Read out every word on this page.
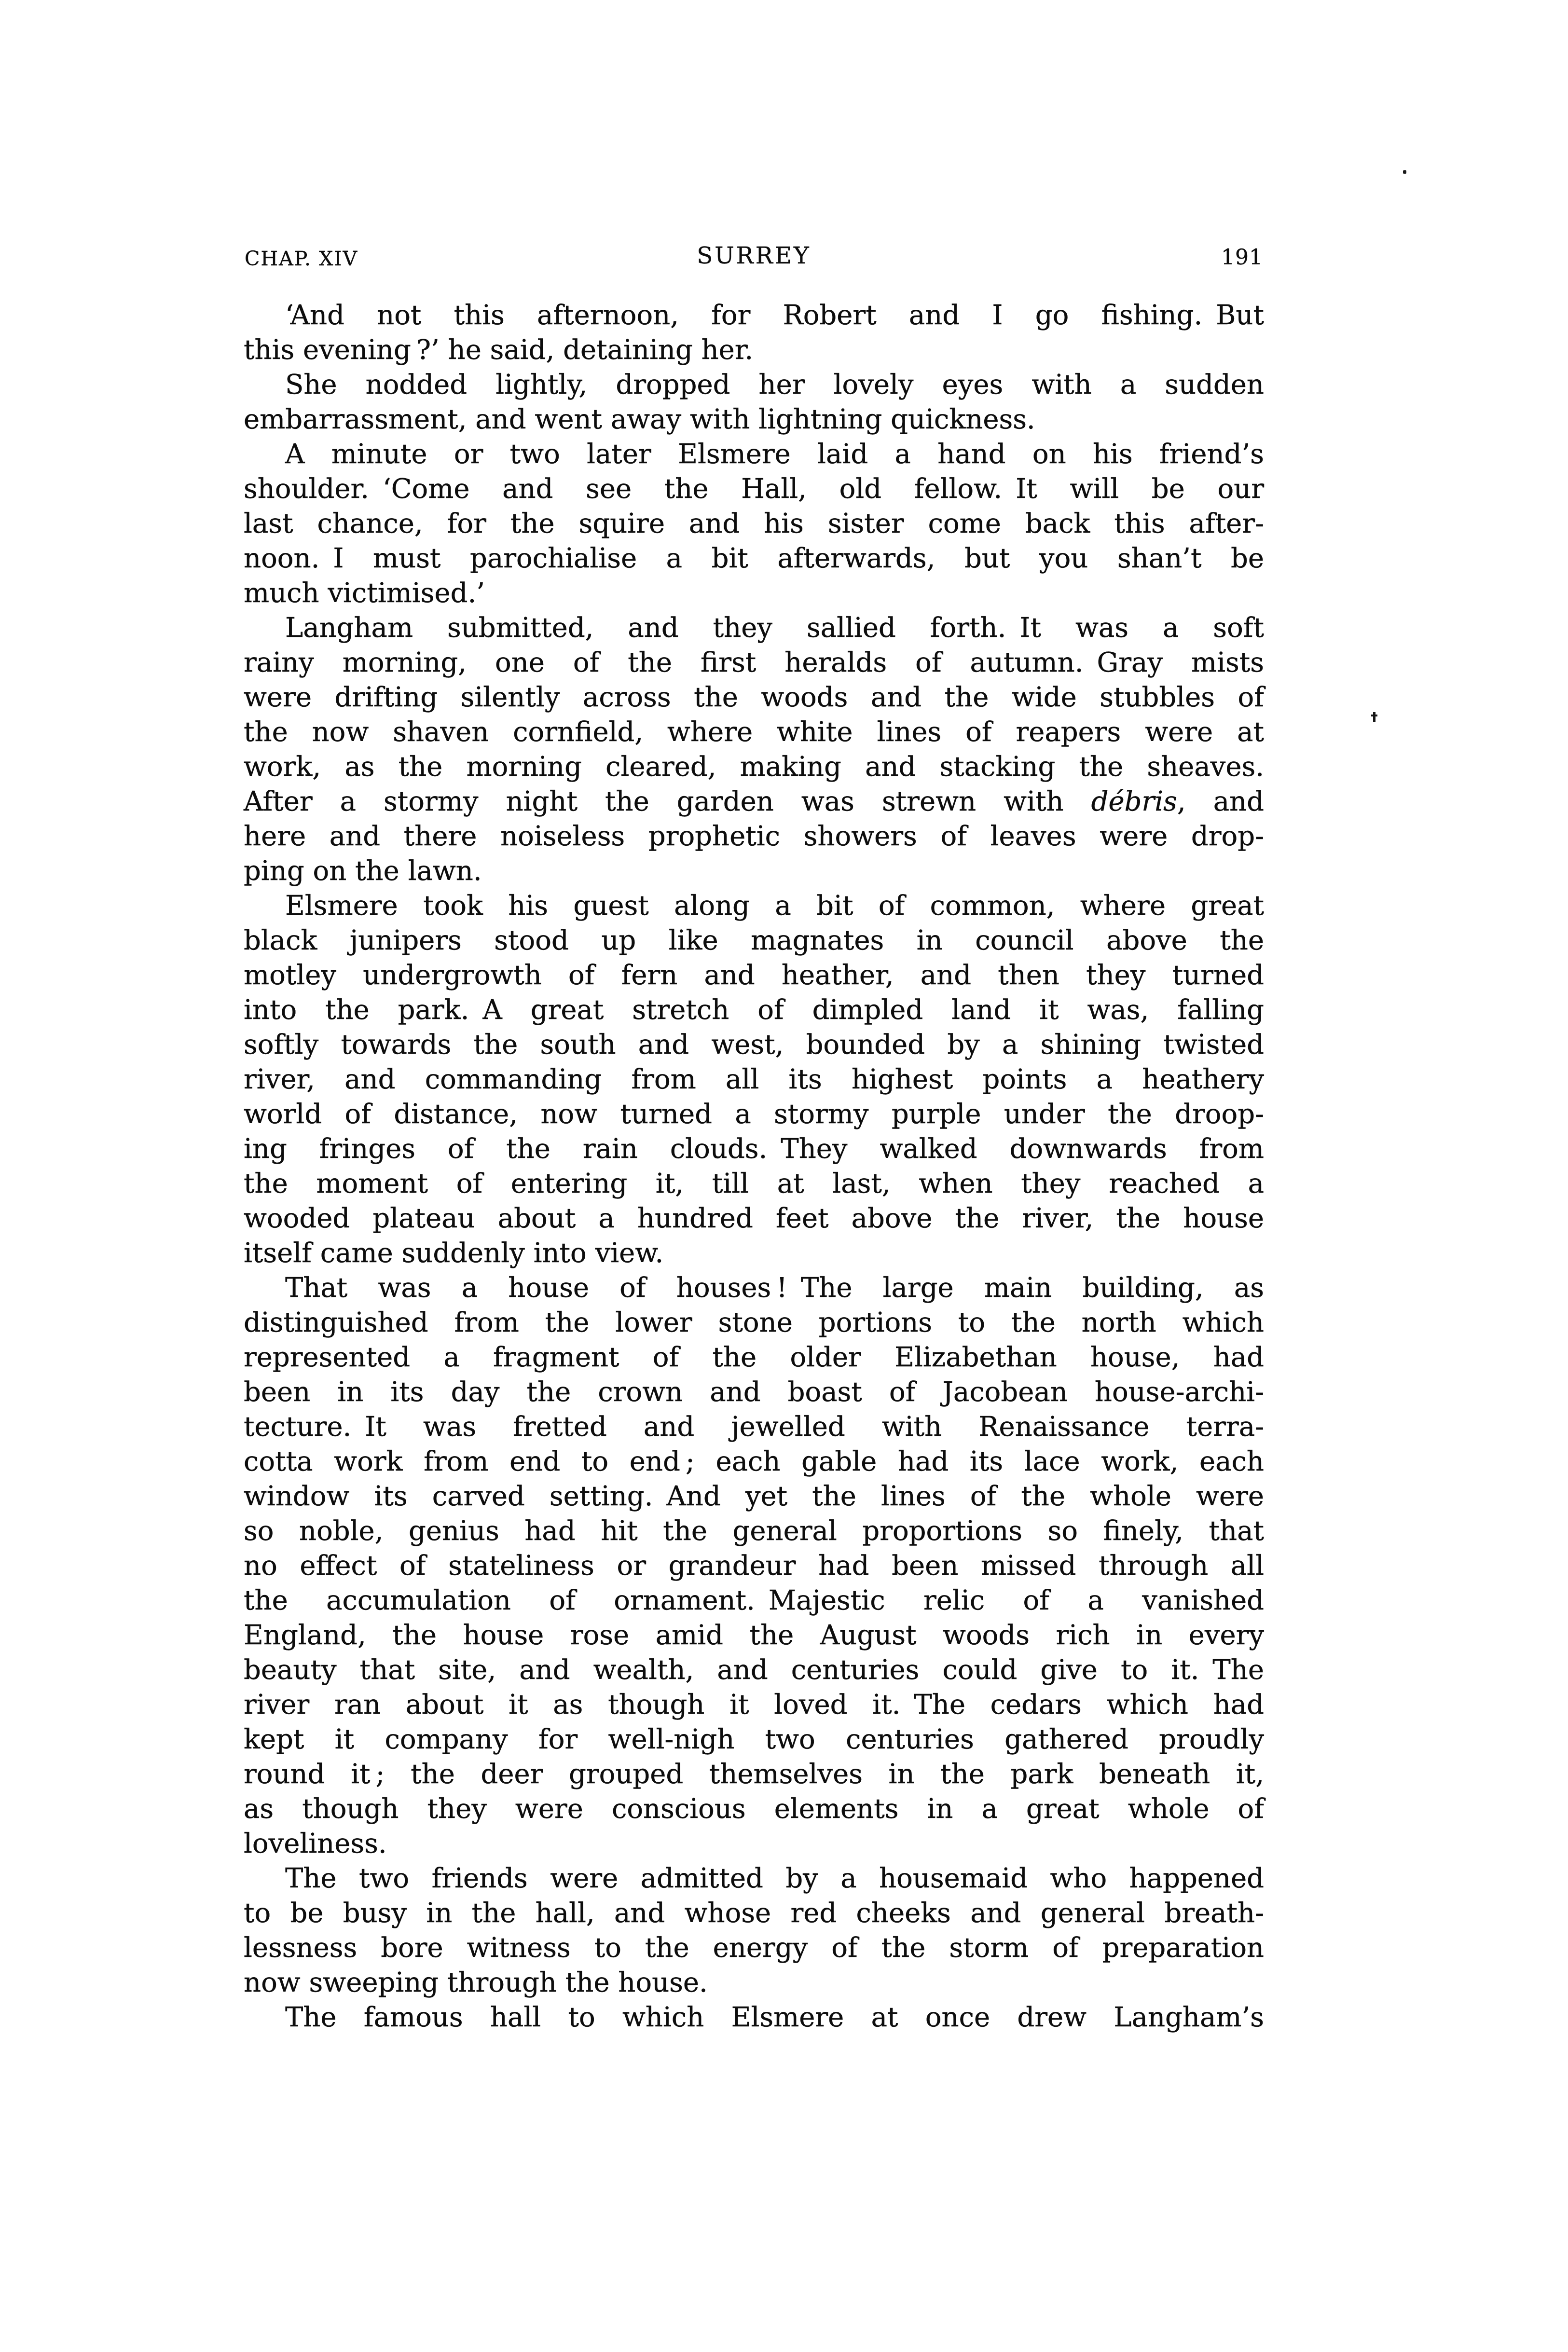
CHAP. XIV	SURREY	191
‘And not this afternoon, for Robert and I go fishing. But
this evening ?’ he said, detaining her.
She nodded lightly, dropped her lovely eyes with a sudden
embarrassment, and went away with lightning quickness.
A minute or two later Elsmere laid a hand on his friend’s
shoulder. ‘Come and see the Hall, old fellow. It will be our
last chance, for the squire and his sister come back this after-
noon. I must parochialise a bit afterwards, but you shan’t be
much victimised.’
Langham submitted, and they sallied forth. It was a soft
rainy morning, one of the first heralds of autumn. Gray mists
were drifting silently across the woods and the wide stubbles of
the now shaven cornfield, where white lines of reapers were at
work, as the morning cleared, making and stacking the sheaves.
After a stormy night the garden was strewn with débris, and
here and there noiseless prophetic showers of leaves were drop-
ping on the lawn.
Elsmere took his guest along a bit of common, where great
black junipers stood up like magnates in council above the
motley undergrowth of fern and heather, and then they turned
into the park. A great stretch of dimpled land it was, falling
softly towards the south and west, bounded by a shining twisted
river, and commanding from all its highest points a heathery
world of distance, now turned a stormy purple under the droop-
ing fringes of the rain clouds. They walked downwards from
the moment of entering it, till at last, when they reached a
wooded plateau about a hundred feet above the river, the house
itself came suddenly into view.
That was a house of houses ! The large main building, as
distinguished from the lower stone portions to the north which
represented a fragment of the older Elizabethan house, had
been in its day the crown and boast of Jacobean house-archi-
tecture. It was fretted and jewelled with Renaissance terra-
cotta work from end to end ; each gable had its lace work, each
window its carved setting. And yet the lines of the whole were
so noble, genius had hit the general proportions so finely, that
no effect of stateliness or grandeur had been missed through all
the accumulation of ornament. Majestic relic of a vanished
England, the house rose amid the August woods rich in every
beauty that site, and wealth, and centuries could give to it. The
river ran about it as though it loved it. The cedars which had
kept it company for well-nigh two centuries gathered proudly
round it ; the deer grouped themselves in the park beneath it,
as though they were conscious elements in a great whole of
loveliness.
The two friends were admitted by a housemaid who happened
to be busy in the hall, and whose red cheeks and general breath-
lessness bore witness to the energy of the storm of preparation
now sweeping through the house.
The famous hall to which Elsmere at once drew Langham’s
